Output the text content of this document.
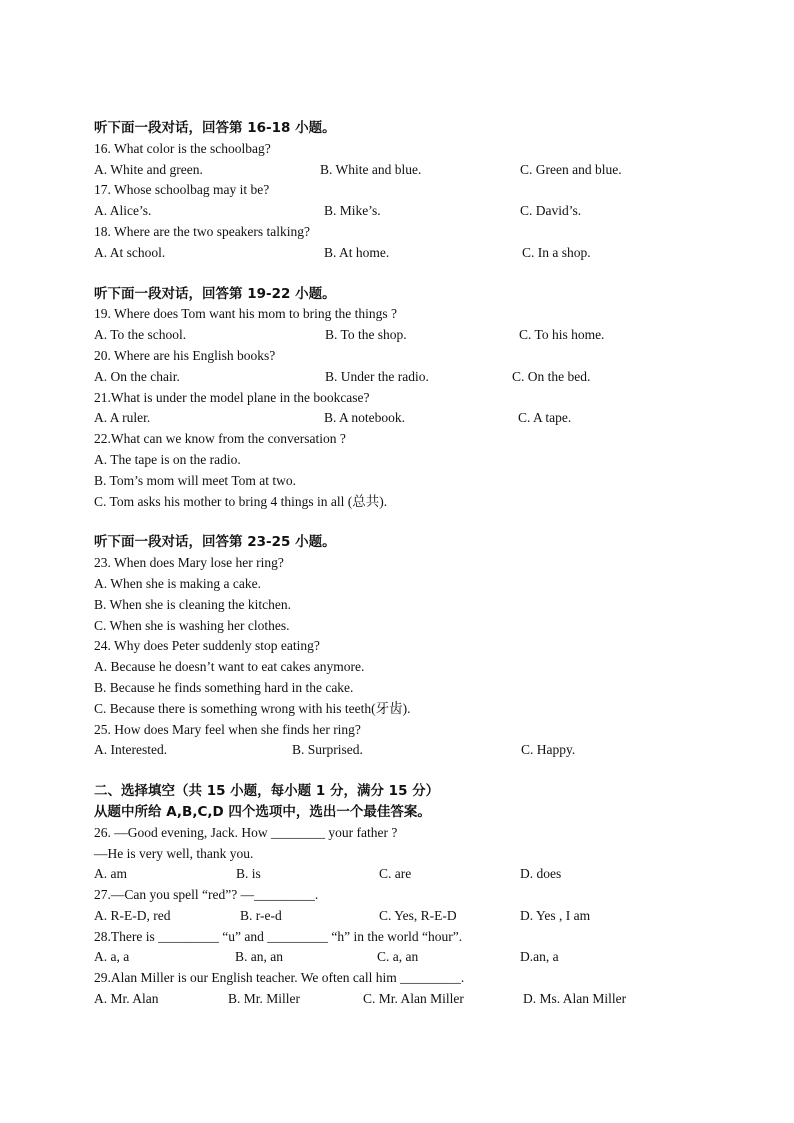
听下面一段对话，回答第 16-18 小题。
16. What color is the schoolbag?
A. White and green.	B. White and blue.	C. Green and blue.
17. Whose schoolbag may it be?
A. Alice’s.	B. Mike’s.	C. David’s.
18. Where are the two speakers talking?
A. At school.	B. At home.	C. In a shop.
听下面一段对话，回答第 19-22 小题。
19. Where does Tom want his mom to bring the things ?
A. To the school.	B. To the shop.	C. To his home.
20. Where are his English books?
A. On the chair.	B. Under the radio.	C. On the bed.
21.What is under the model plane in the bookcase?
A. A ruler.	B. A notebook.	C. A tape.
22.What can we know from the conversation ?
A. The tape is on the radio.
B. Tom’s mom will meet Tom at two.
C. Tom asks his mother to bring 4 things in all (总共).
听下面一段对话，回答第 23-25 小题。
23. When does Mary lose her ring?
A. When she is making a cake.
B. When she is cleaning the kitchen.
C. When she is washing her clothes.
24. Why does Peter suddenly stop eating?
A. Because he doesn’t want to eat cakes anymore.
B. Because he finds something hard in the cake.
C. Because there is something wrong with his teeth(牙齿).
25. How does Mary feel when she finds her ring?
A. Interested.	B. Surprised.	C. Happy.
二、选择填空（共 15 小题，每小题 1 分，满分 15 分）
从题中所给 A,B,C,D 四个选项中，选出一个最佳答案。
26. —Good evening, Jack. How ________ your father ?
—He is very well, thank you.
A. am	B. is	C. are	D. does
27.—Can you spell “red”? —_________.
A. R-E-D, red	B. r-e-d	C. Yes, R-E-D	D. Yes , I am
28.There is _________ “u” and _________ “h” in the world “hour”.
A. a, a	B. an, an	C. a, an	D.an, a
29.Alan Miller is our English teacher. We often call him _________.
A. Mr. Alan	B. Mr. Miller	C. Mr. Alan Miller	D. Ms. Alan Miller
